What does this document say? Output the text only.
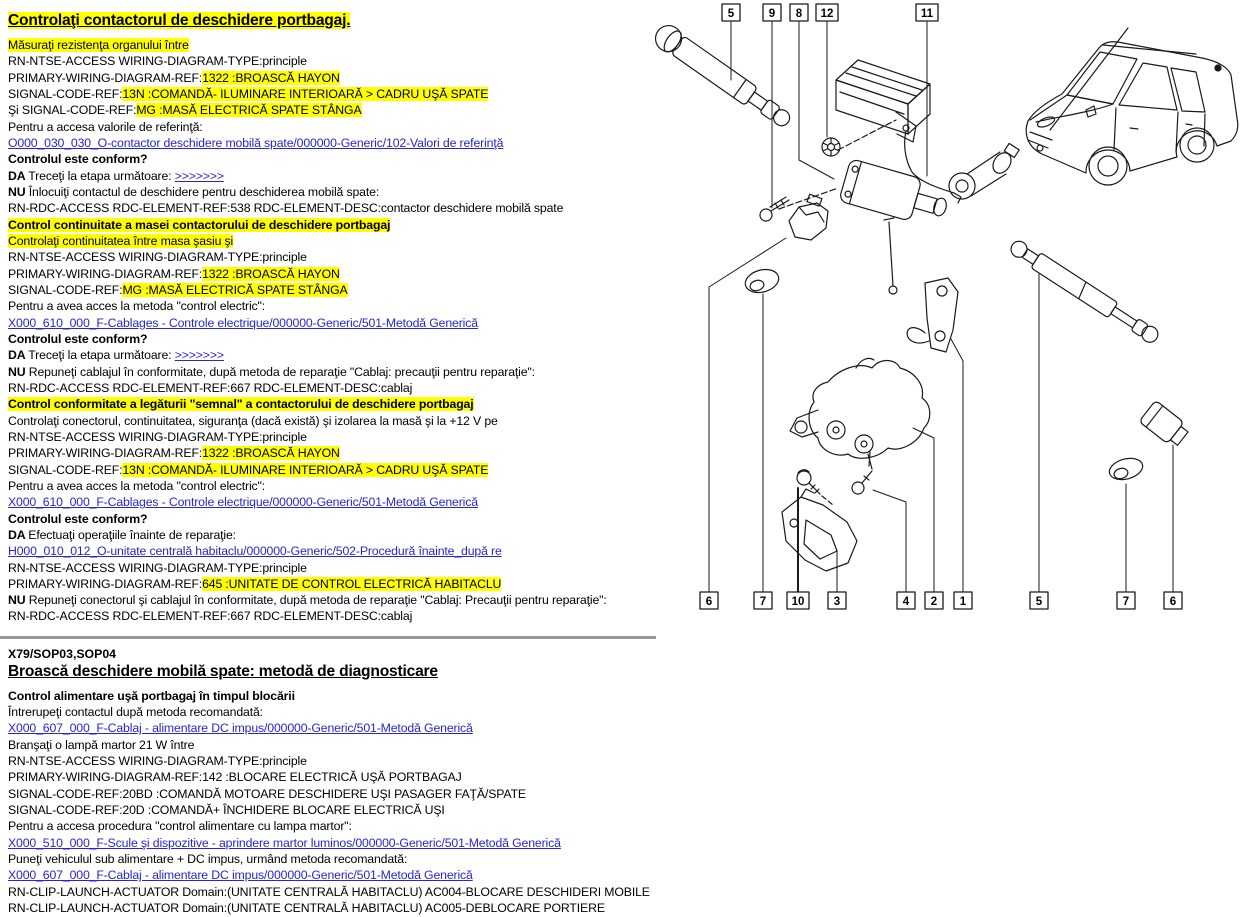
Controlaţi contactorul de deschidere portbagaj.
Măsuraţi rezistenţa organului între
RN-NTSE-ACCESS WIRING-DIAGRAM-TYPE:principle
PRIMARY-WIRING-DIAGRAM-REF:1322 :BROASCĂ HAYON
SIGNAL-CODE-REF:13N :COMANDĂ- ILUMINARE INTERIOARĂ > CADRU UŞĂ SPATE
Şi SIGNAL-CODE-REF:MG :MASĂ ELECTRICĂ SPATE STÂNGA
Pentru a accesa valorile de referinţă:
O000_030_030_O-contactor deschidere mobilă spate/000000-Generic/102-Valori de referinţă
Controlul este conform?
DA Treceţi la etapa următoare: >>>>>>>
NU Înlocuiţi contactul de deschidere pentru deschiderea mobilă spate:
RN-RDC-ACCESS RDC-ELEMENT-REF:538 RDC-ELEMENT-DESC:contactor deschidere mobilă spate
Control continuitate a masei contactorului de deschidere portbagaj
Controlaţi continuitatea între masa şasiu şi
RN-NTSE-ACCESS WIRING-DIAGRAM-TYPE:principle
PRIMARY-WIRING-DIAGRAM-REF:1322 :BROASCĂ HAYON
SIGNAL-CODE-REF:MG :MASĂ ELECTRICĂ SPATE STÂNGA
Pentru a avea acces la metoda "control electric":
X000_610_000_F-Cablages - Controle electrique/000000-Generic/501-Metodă Generică
Controlul este conform?
DA Treceţi la etapa următoare: >>>>>>>
NU Repuneţi cablajul în conformitate, după metoda de reparaţie "Cablaj: precauţii pentru reparaţie":
RN-RDC-ACCESS RDC-ELEMENT-REF:667 RDC-ELEMENT-DESC:cablaj
Control conformitate a legăturii "semnal" a contactorului de deschidere portbagaj
Controlaţi conectorul, continuitatea, siguranţa (dacă există) şi izolarea la masă şi la +12 V pe
RN-NTSE-ACCESS WIRING-DIAGRAM-TYPE:principle
PRIMARY-WIRING-DIAGRAM-REF:1322 :BROASCĂ HAYON
SIGNAL-CODE-REF:13N :COMANDĂ- ILUMINARE INTERIOARĂ > CADRU UŞĂ SPATE
Pentru a avea acces la metoda "control electric":
X000_610_000_F-Cablages - Controle electrique/000000-Generic/501-Metodă Generică
Controlul este conform?
DA Efectuaţi operaţiile înainte de reparaţie:
H000_010_012_O-unitate centrală habitaclu/000000-Generic/502-Procedură înainte_după re
RN-NTSE-ACCESS WIRING-DIAGRAM-TYPE:principle
PRIMARY-WIRING-DIAGRAM-REF:645 :UNITATE DE CONTROL ELECTRICĂ HABITACLU
NU Repuneţi conectorul şi cablajul în conformitate, după metoda de reparaţie "Cablaj: Precauţii pentru reparaţie":
RN-RDC-ACCESS RDC-ELEMENT-REF:667 RDC-ELEMENT-DESC:cablaj
X79/SOP03,SOP04
Broască deschidere mobilă spate: metodă de diagnosticare
Control alimentare uşă portbagaj în timpul blocării
Întrerupeţi contactul după metoda recomandată:
X000_607_000_F-Cablaj - alimentare DC impus/000000-Generic/501-Metodă Generică
Branşaţi o lampă martor 21 W între
RN-NTSE-ACCESS WIRING-DIAGRAM-TYPE:principle
PRIMARY-WIRING-DIAGRAM-REF:142 :BLOCARE ELECTRICĂ UŞĂ PORTBAGAJ
SIGNAL-CODE-REF:20BD :COMANDĂ MOTOARE DESCHIDERE UŞI PASAGER FAŢĂ/SPATE
SIGNAL-CODE-REF:20D :COMANDĂ+ ÎNCHIDERE BLOCARE ELECTRICĂ UŞI
Pentru a accesa procedura "control alimentare cu lampa martor":
X000_510_000_F-Scule şi dispozitive - aprindere martor luminos/000000-Generic/501-Metodă Generică
Puneţi vehiculul sub alimentare + DC impus, urmând metoda recomandată:
X000_607_000_F-Cablaj - alimentare DC impus/000000-Generic/501-Metodă Generică
RN-CLIP-LAUNCH-ACTUATOR Domain:(UNITATE CENTRALĂ HABITACLU) AC004-BLOCARE DESCHIDERI MOBILE
RN-CLIP-LAUNCH-ACTUATOR Domain:(UNITATE CENTRALĂ HABITACLU) AC005-DEBLOCARE PORTIERE
5	9 8 12	11
6	7 10	3	4 2 1	5	7	6
